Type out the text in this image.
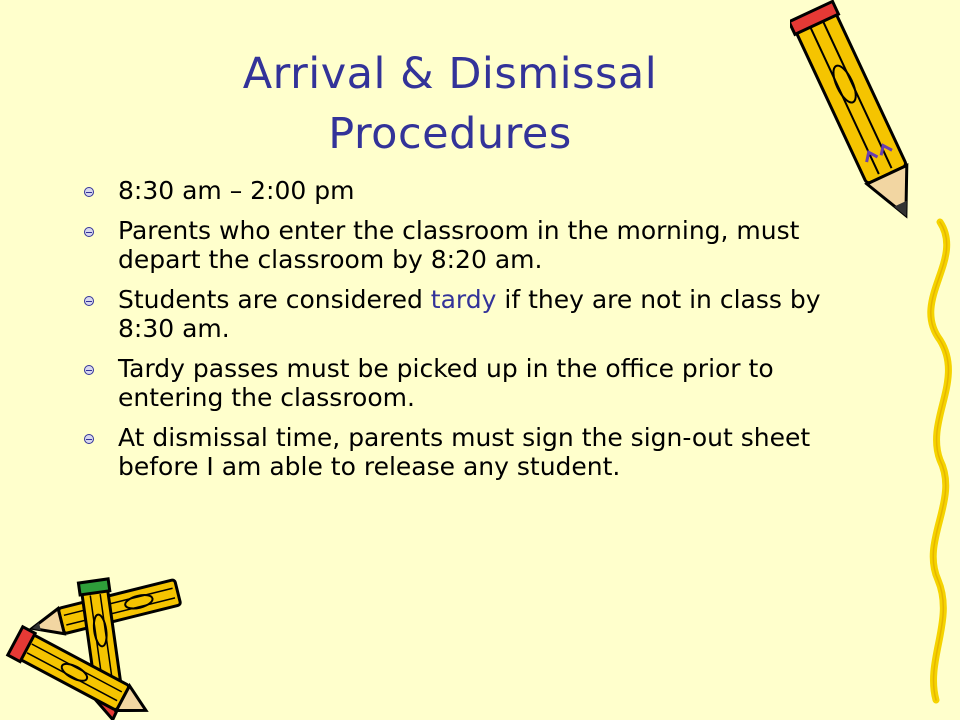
Arrival & Dismissal
Procedures
8:30 am – 2:00 pm
Parents who enter the classroom in the morning, must depart the classroom by 8:20 am.
Students are considered tardy if they are not in class by 8:30 am.
Tardy passes must be picked up in the office prior to entering the classroom.
At dismissal time, parents must sign the sign-out sheet before I am able to release any student.
